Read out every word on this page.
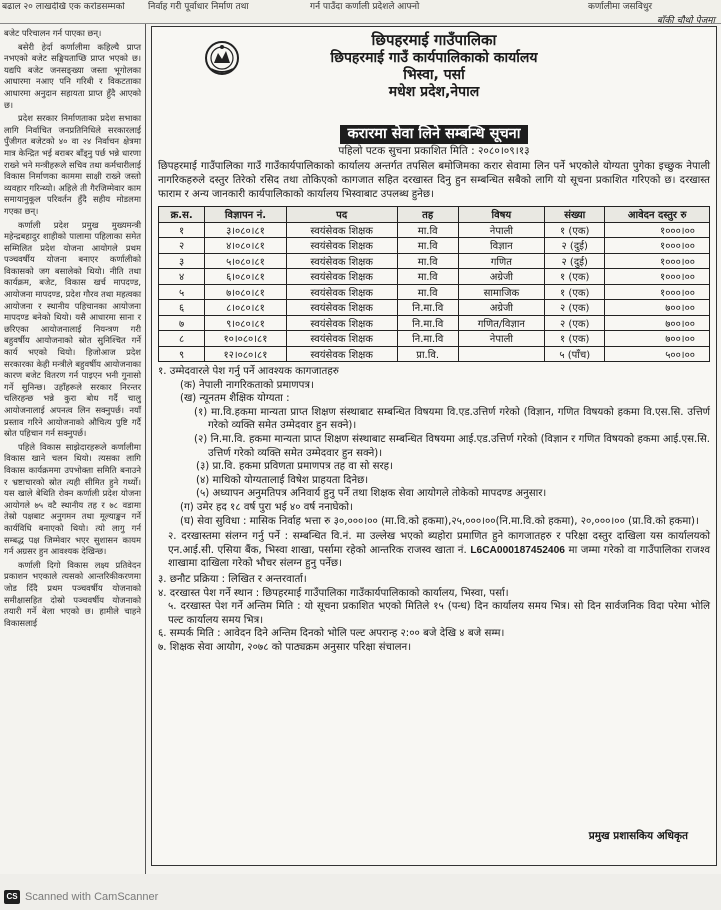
बढाल २० लाखदेखि एक करोडसम्मको	निर्वाह गरी पूर्वाधार निर्माण तथा	गर्न पाउँदा कर्णाली प्रदेशले आफ्नो	कर्णालीमा जसविधुर
बाँकी चौथो पेजमा

बजेट परिचालन गर्न पाएका छन्।

बसेरी हेर्दा कर्णालीमा कहिल्यै प्राप्त नभएको बजेट सङ्घियताप्छि प्राप्त भएको छ। यद्यपि बजेट जनसङ्ख्या जस्ता भूगोलका आधारमा नआए पनि गरिबी र विकटताका आधारमा अनुदान सहायता प्राप्त हुँदै आएको छ।

प्रदेश सरकार निर्माणताका प्रदेश सभाका लागि निर्वाचित जनप्रतिनिधिले सरकारलाई पुँजीगत बजेटको ४० वा २४ निर्वाचन क्षेत्रमा मात्र केन्द्रित भई बराबर बाँड्नु पर्छ भन्ने धारणा राख्ने भने मन्त्रीहरूले सचिव तथा कर्मचारीलाई विकास निर्माणका काममा साक्षी राख्ने जस्तो व्यवहार गरिन्थ्यो। अहिले ती गैरजिम्मेवार काम समायानुकूल परिवर्तन हुँदै सहीय मोडलमा गएका छन्।

कर्णाली प्रदेश प्रमुख मुख्यमन्त्री महेन्द्रबहादुर शाहीको पालामा पहिलाका समेत सम्मिलित प्रदेश योजना आयोगले प्रथम पञ्चवर्षीय योजना बनाएर कर्णालीको विकासको जग बसालेको थियो। नीति तथा कार्यक्रम, बजेट, विकास खर्च मापदण्ड, आयोजना मापदण्ड, प्रदेश गौरव तथा महत्वका आयोजना र स्थानीय पहिचानका आयोजना मापदण्ड बनेको थियो। यसै आधारमा साना र छरिएका आयोजनालाई नियन्त्रण गरी बहुवर्षीय आयोजनाको स्रोत सुनिश्चित गर्ने कार्य भएको थियो। हिजोआज प्रदेश सरकारका केही मन्त्रीले बहुवर्षीय आयोजनाका कारण बजेट वितरण गर्न पाइएन भनी गुनासो गर्ने सुनिन्छ। उहाँहरूले सरकार निरन्तर चलिरहन्छ भन्ने कुरा बोध गर्दै चालु आयोजनालाई अपनत्व लिन सक्नुपर्छ। नयाँ प्रस्ताव गरिने आयोजनाको औचित्य पुष्टि गर्दै स्रोत पहिचान गर्न सक्नुपर्छ।

पहिले विकास साझेदारहरूले कर्णालीमा विकास खाने चलन थियो। त्यसका लागि विकास कार्यक्रममा उपभोक्ता समिति बनाउने र भ्रष्टाचारको स्रोत त्यही सीमित हुने गर्थ्यो। यस खाले बेथिति रोक्न कर्णाली प्रदेश योजना आयोगले ७५ वटै स्थानीय तह र ७८ वडामा तेस्रो पक्षबाट अनुगमन तथा मूल्याङ्कन गर्ने कार्यविधि बनाएको थियो। त्यो लागु गर्न सम्बद्ध पक्ष जिम्मेवार भएर सुशासन कायम गर्न अग्रसर हुन आवश्यक देखिन्छ।

कर्णाली दिगो विकास लक्ष्य प्रतिवेदन प्रकाशन भएकाले त्यसको आन्तरिकीकरणमा जोड दिँदै प्रथम पञ्चवर्षीय योजनाको समीक्षासहित दोस्रो पञ्चवर्षीय योजनाको तयारी गर्ने बेला भएको छ। हामीले चाहने विकासलाई

छिपहरमाई गाउँपालिका
छिपहरमाई गाउँ कार्यपालिकाको कार्यालय
भिस्वा, पर्सा
मधेश प्रदेश,नेपाल
करारमा सेवा लिने सम्बन्धि सूचना
पहिलो पटक सुचना प्रकाशित मिति : २०८०।०९।१३

छिपहरमाई गाउँपालिका गाउँ गाउँकार्यपालिकाको कार्यालय अन्तर्गत तपसिल बमोजिमका करार सेवामा लिन पर्ने भएकोले योग्यता पुगेका इच्छुक नेपाली नागरिकहरुले दस्तुर तिरेको रसिद तथा तोकिएको कागजात सहित दरखास्त दिनु हुन सम्बन्धित सबैको लागि यो सूचना प्रकाशित गरिएको छ। दरखास्त फाराम र अन्य जानकारी कार्यपालिकाको कार्यालय भिस्वाबाट उपलब्ध हुनेछ।

क्र.स.	विज्ञापन नं.	पद	तह	विषय	संख्या	आवेदन दस्तुर रु
१	३।०८०।८१	स्वयंसेवक शिक्षक	मा.वि	नेपाली	१ (एक)	१०००।००
२	४।०८०।८१	स्वयंसेवक शिक्षक	मा.वि	विज्ञान	२ (दुई)	१०००।००
३	५।०८०।८१	स्वयंसेवक शिक्षक	मा.वि	गणित	२ (दुई)	१०००।००
४	६।०८०।८१	स्वयंसेवक शिक्षक	मा.वि	अग्रेजी	१ (एक)	१०००।००
५	७।०८०।८१	स्वयंसेवक शिक्षक	मा.वि	सामाजिक	१ (एक)	१०००।००
६	८।०८०।८१	स्वयंसेवक शिक्षक	नि.मा.वि	अग्रेजी	२ (एक)	७००।००
७	९।०८०।८१	स्वयंसेवक शिक्षक	नि.मा.वि	गणित/विज्ञान	२ (एक)	७००।००
८	१०।०८०।८१	स्वयंसेवक शिक्षक	नि.मा.वि	नेपाली	१ (एक)	७००।००
९	१२।०८०।८१	स्वयंसेवक शिक्षक	प्रा.वि.		५ (पाँच)	५००।००
१. उम्मेदवारले पेश गर्नु पर्ने आवश्यक कागजातहरु
(क) नेपाली नागरिकताको प्रमाणपत्र।
(ख) न्यूनतम शैक्षिक योग्यता :
(१) मा.वि.हकमा मान्यता प्राप्त शिक्षण संस्थाबाट सम्बन्धित विषयमा वि.एड.उत्तिर्ण गरेको (विज्ञान, गणित विषयको हकमा वि.एस.सि. उत्तिर्ण गरेको व्यक्ति समेत उम्मेदवार हुन सक्ने)।
(२) नि.मा.वि. हकमा मान्यता प्राप्त शिक्षण संस्थाबाट सम्बन्धित विषयमा आई.एड.उत्तिर्ण गरेको (विज्ञान र गणित विषयको हकमा आई.एस.सि. उत्तिर्ण गरेको व्यक्ति समेत उम्मेदवार हुन सक्ने)।
(३) प्रा.वि. हकमा प्रविणता प्रमाणपत्र तह वा सो सरह।
(४) माथिको योग्यतालाई विषेश प्राहयता दिनेछ।
(५) अध्यापन अनुमतिपत्र अनिवार्य हुनु पर्ने तथा शिक्षक सेवा आयोगले तोकेको मापदण्ड अनुसार।
(ग) उमेर हद १८ वर्ष पुरा भई ४० वर्ष ननाघेको।
(घ) सेवा सुविधा : मासिक निर्वाह भत्ता रु ३०,०००।०० (मा.वि.को हकमा),२५,०००।००(नि.मा.वि.को हकमा), २०,०००।०० (प्रा.वि.को हकमा)।
२. दरखास्तमा संलग्न गर्नु पर्ने : सम्बन्धित वि.नं. मा उल्लेख भएको ब्यहोरा प्रमाणित हुने कागजातहरु र परिक्षा दस्तुर दाखिला यस कार्यालयको एन.आई.सी. एसिया बैंक, भिस्वा शाखा, पर्सामा रहेको आन्तरिक राजस्व खाता नं. L6CA000187452406 मा जम्मा गरेको वा गाउँपालिका राजश्व शाखामा दाखिला गरेको भौचर संलग्न हुनु पर्नेछ।
३. छनौट प्रक्रिया : लिखित र अन्तरवार्ता।
४. दरखास्त पेश गर्ने स्थान : छिपहरमाई गाउँपालिका गाउँकार्यपालिकाको कार्यालय, भिस्वा, पर्सा।
५. दरखास्त पेश गर्ने अन्तिम मिति : यो सूचना प्रकाशित भएको मितिले १५ (पन्ध) दिन कार्यालय समय भित्र। सो दिन सार्वजनिक विदा परेमा भोलि पल्ट कार्यालय समय भित्र।
६. सम्पर्क मिति : आवेदन दिने अन्तिम दिनको भोलि पल्ट अपरान्ह २:०० बजे देखि ४ बजे सम्म।
७. शिक्षक सेवा आयोग, २०७८ को पाठ्यक्रम अनुसार परिक्षा संचालन।
प्रमुख प्रशासकिय अधिकृत
CS Scanned with CamScanner
